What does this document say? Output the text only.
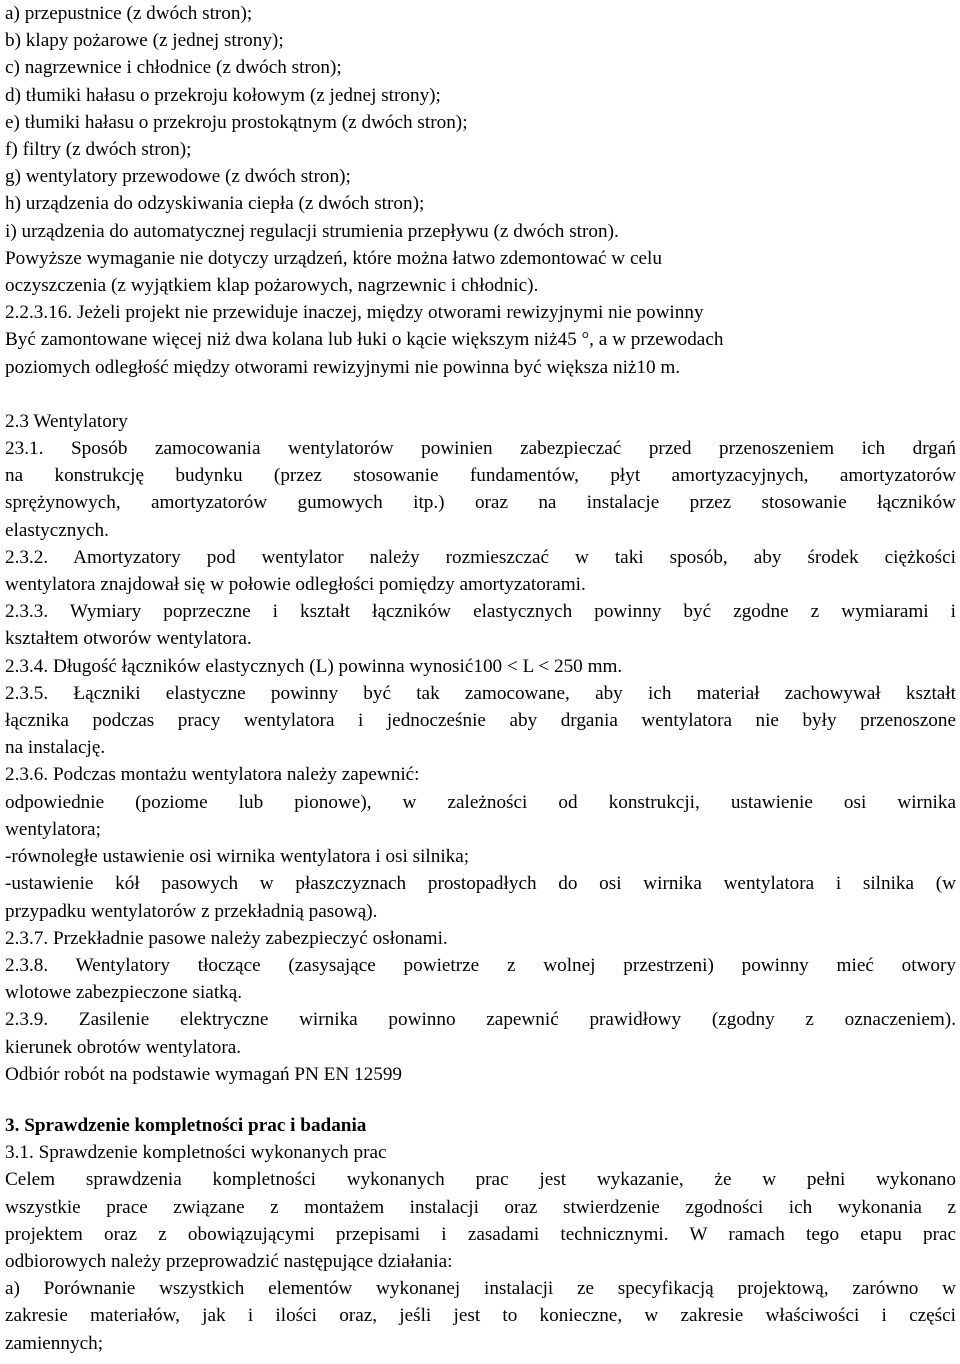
a) przepustnice (z dwóch stron);

b) klapy pożarowe (z jednej strony);

c) nagrzewnice i chłodnice (z dwóch stron);

d) tłumiki hałasu o przekroju kołowym (z jednej strony);

e) tłumiki hałasu o przekroju prostokątnym (z dwóch stron);

f) filtry (z dwóch stron);

g) wentylatory przewodowe (z dwóch stron);

h) urządzenia do odzyskiwania ciepła (z dwóch stron);

i) urządzenia do automatycznej regulacji strumienia przepływu (z dwóch stron).

Powyższe wymaganie nie dotyczy urządzeń, które można łatwo zdemontować w celu

oczyszczenia (z wyjątkiem klap pożarowych, nagrzewnic i chłodnic).

2.2.3.16. Jeżeli projekt nie przewiduje inaczej, między otworami rewizyjnymi nie powinny

Być zamontowane więcej niż dwa kolana lub łuki o kącie większym niż45 °, a w przewodach

poziomych odległość między otworami rewizyjnymi nie powinna być większa niż10 m.

2.3 Wentylatory

23.1. Sposób zamocowania wentylatorów powinien zabezpieczać przed przenoszeniem ich drgań

na konstrukcję budynku (przez stosowanie fundamentów, płyt amortyzacyjnych, amortyzatorów

sprężynowych, amortyzatorów gumowych itp.) oraz na instalacje przez stosowanie łączników

elastycznych.

2.3.2. Amortyzatory pod wentylator należy rozmieszczać w taki sposób, aby środek ciężkości

wentylatora znajdował się w połowie odległości pomiędzy amortyzatorami.

2.3.3. Wymiary poprzeczne i kształt łączników elastycznych powinny być zgodne z wymiarami i

kształtem otworów wentylatora.

2.3.4. Długość łączników elastycznych (L) powinna wynosić100 < L < 250 mm.

2.3.5. Łączniki elastyczne powinny być tak zamocowane, aby ich materiał zachowywał kształt

łącznika podczas pracy wentylatora i jednocześnie aby drgania wentylatora nie były przenoszone

na instalację.

2.3.6. Podczas montażu wentylatora należy zapewnić:

odpowiednie (poziome lub pionowe), w zależności od konstrukcji, ustawienie osi wirnika

wentylatora;

-równoległe ustawienie osi wirnika wentylatora i osi silnika;

-ustawienie kół pasowych w płaszczyznach prostopadłych do osi wirnika wentylatora i silnika (w

przypadku wentylatorów z przekładnią pasową).

2.3.7. Przekładnie pasowe należy zabezpieczyć osłonami.

2.3.8. Wentylatory tłoczące (zasysające powietrze z wolnej przestrzeni) powinny mieć otwory

wlotowe zabezpieczone siatką.

2.3.9. Zasilenie elektryczne wirnika powinno zapewnić prawidłowy (zgodny z oznaczeniem).

kierunek obrotów wentylatora.

Odbiór robót na podstawie wymagań PN EN 12599

3. Sprawdzenie kompletności prac i badania

3.1. Sprawdzenie kompletności wykonanych prac

Celem sprawdzenia kompletności wykonanych prac jest wykazanie, że w pełni wykonano

wszystkie prace związane z montażem instalacji oraz stwierdzenie zgodności ich wykonania z

projektem oraz z obowiązującymi przepisami i zasadami technicznymi. W ramach tego etapu prac

odbiorowych należy przeprowadzić następujące działania:

a) Porównanie wszystkich elementów wykonanej instalacji ze specyfikacją projektową, zarówno w

zakresie materiałów, jak i ilości oraz, jeśli jest to konieczne, w zakresie właściwości i części

zamiennych;
